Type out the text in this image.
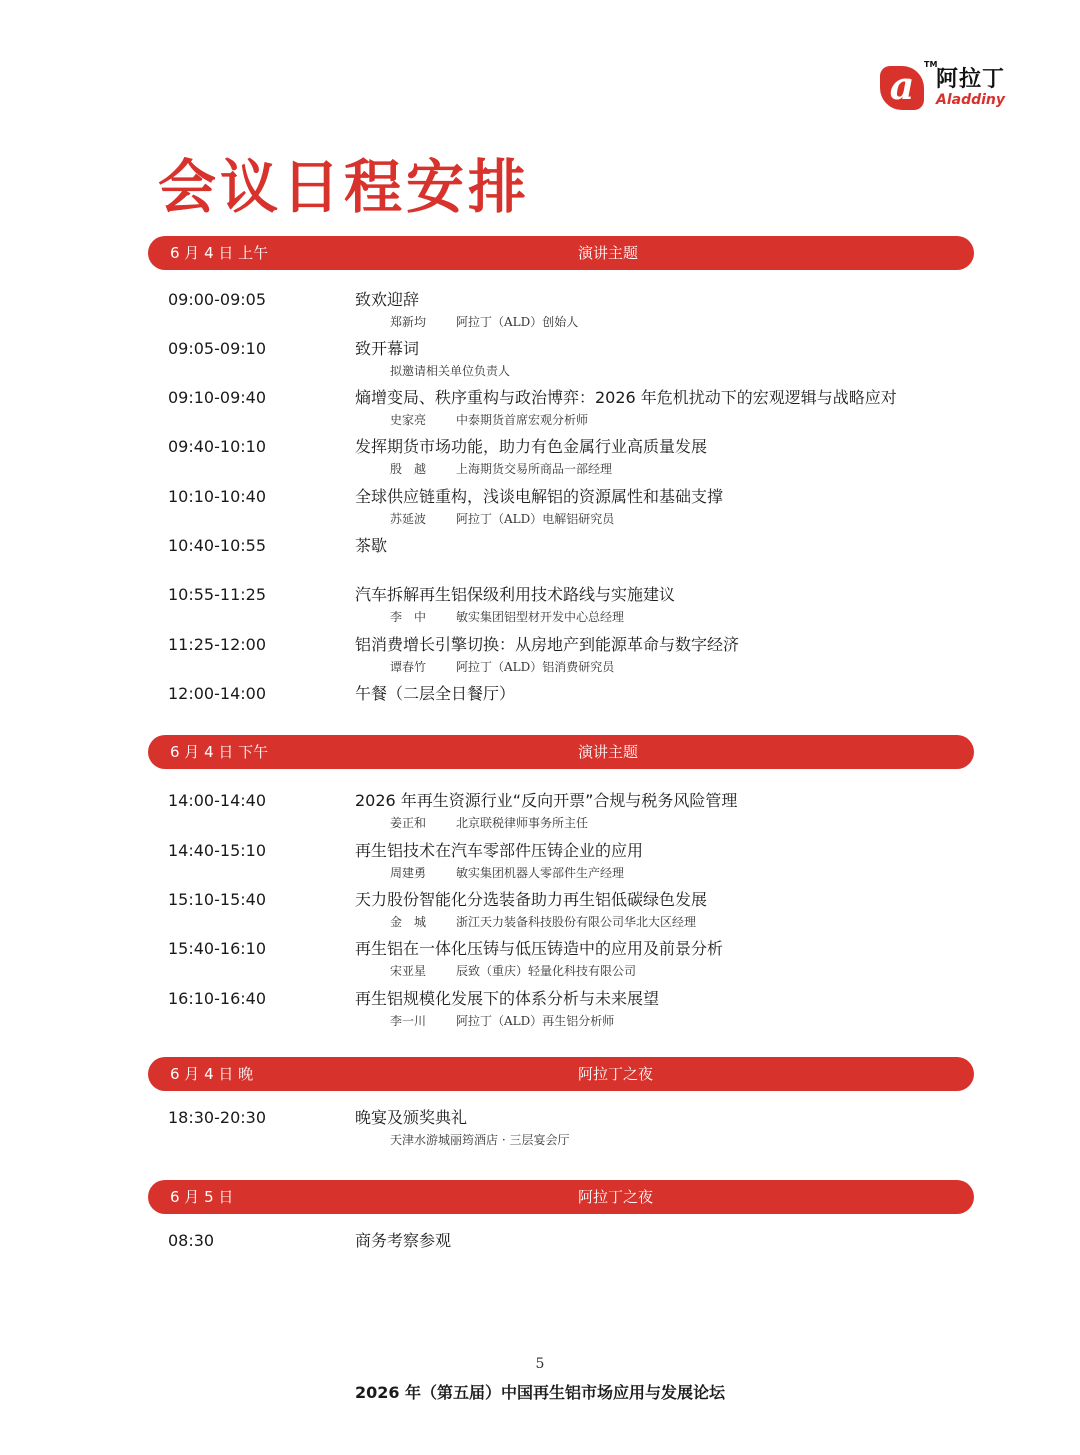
a	TM
阿拉丁
Aladdiny
会议日程安排
6 月 4 日 上午	演讲主题
09:00-09:05	致欢迎辞
郑新均 阿拉丁（ALD）创始人
09:05-09:10	致开幕词
拟邀请相关单位负责人
09:10-09:40	熵增变局、秩序重构与政治博弈：2026 年危机扰动下的宏观逻辑与战略应对
史家亮 中泰期货首席宏观分析师
09:40-10:10	发挥期货市场功能，助力有色金属行业高质量发展
殷　越 上海期货交易所商品一部经理
10:10-10:40	全球供应链重构，浅谈电解铝的资源属性和基础支撑
苏延波 阿拉丁（ALD）电解铝研究员
10:40-10:55	茶歇
10:55-11:25	汽车拆解再生铝保级利用技术路线与实施建议
李　中 敏实集团铝型材开发中心总经理
11:25-12:00	铝消费增长引擎切换：从房地产到能源革命与数字经济
谭春竹 阿拉丁（ALD）铝消费研究员
12:00-14:00	午餐（二层全日餐厅）
6 月 4 日 下午	演讲主题
14:00-14:40	2026 年再生资源行业“反向开票”合规与税务风险管理
姜正和 北京联税律师事务所主任
14:40-15:10	再生铝技术在汽车零部件压铸企业的应用
周建勇 敏实集团机器人零部件生产经理
15:10-15:40	天力股份智能化分选装备助力再生铝低碳绿色发展
金　城 浙江天力装备科技股份有限公司华北大区经理
15:40-16:10	再生铝在一体化压铸与低压铸造中的应用及前景分析
宋亚星 辰致（重庆）轻量化科技有限公司
16:10-16:40	再生铝规模化发展下的体系分析与未来展望
李一川 阿拉丁（ALD）再生铝分析师
6 月 4 日 晚	阿拉丁之夜
18:30-20:30	晚宴及颁奖典礼
天津水游城丽筠酒店 · 三层宴会厅
6 月 5 日	阿拉丁之夜
08:30	商务考察参观
5
2026 年（第五届）中国再生铝市场应用与发展论坛
